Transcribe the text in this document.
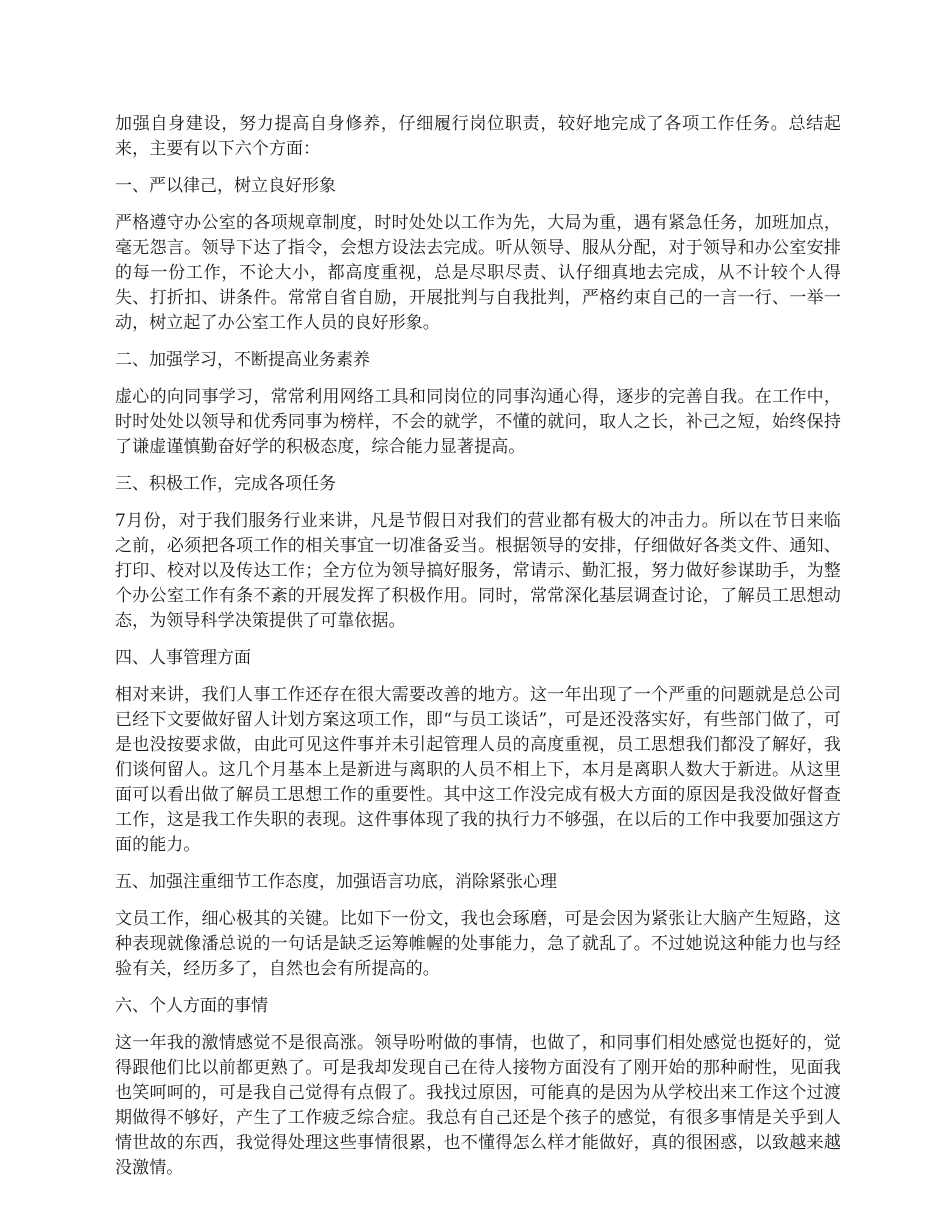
加强自身建设，努力提高自身修养，仔细履行岗位职责，较好地完成了各项工作任务。总结起来，主要有以下六个方面：

一、严以律己，树立良好形象

严格遵守办公室的各项规章制度，时时处处以工作为先，大局为重，遇有紧急任务，加班加点，毫无怨言。领导下达了指令，会想方设法去完成。听从领导、服从分配，对于领导和办公室安排的每一份工作，不论大小，都高度重视，总是尽职尽责、认仔细真地去完成，从不计较个人得失、打折扣、讲条件。常常自省自励，开展批判与自我批判，严格约束自己的一言一行、一举一动，树立起了办公室工作人员的良好形象。

二、加强学习，不断提高业务素养

虚心的向同事学习，常常利用网络工具和同岗位的同事沟通心得，逐步的完善自我。在工作中，时时处处以领导和优秀同事为榜样，不会的就学，不懂的就问，取人之长，补己之短，始终保持了谦虚谨慎勤奋好学的积极态度，综合能力显著提高。

三、积极工作，完成各项任务

7月份，对于我们服务行业来讲，凡是节假日对我们的营业都有极大的冲击力。所以在节日来临之前，必须把各项工作的相关事宜一切准备妥当。根据领导的安排，仔细做好各类文件、通知、打印、校对以及传达工作；全方位为领导搞好服务，常请示、勤汇报，努力做好参谋助手，为整个办公室工作有条不紊的开展发挥了积极作用。同时，常常深化基层调查讨论，了解员工思想动态，为领导科学决策提供了可靠依据。

四、人事管理方面

相对来讲，我们人事工作还存在很大需要改善的地方。这一年出现了一个严重的问题就是总公司已经下文要做好留人计划方案这项工作，即“与员工谈话”，可是还没落实好，有些部门做了，可是也没按要求做，由此可见这件事并未引起管理人员的高度重视，员工思想我们都没了解好，我们谈何留人。这几个月基本上是新进与离职的人员不相上下，本月是离职人数大于新进。从这里面可以看出做了解员工思想工作的重要性。其中这工作没完成有极大方面的原因是我没做好督查工作，这是我工作失职的表现。这件事体现了我的执行力不够强，在以后的工作中我要加强这方面的能力。

五、加强注重细节工作态度，加强语言功底，消除紧张心理

文员工作，细心极其的关键。比如下一份文，我也会琢磨，可是会因为紧张让大脑产生短路，这种表现就像潘总说的一句话是缺乏运筹帷幄的处事能力，急了就乱了。不过她说这种能力也与经验有关，经历多了，自然也会有所提高的。

六、个人方面的事情

这一年我的激情感觉不是很高涨。领导吩咐做的事情，也做了，和同事们相处感觉也挺好的，觉得跟他们比以前都更熟了。可是我却发现自己在待人接物方面没有了刚开始的那种耐性，见面我也笑呵呵的，可是我自己觉得有点假了。我找过原因，可能真的是因为从学校出来工作这个过渡期做得不够好，产生了工作疲乏综合症。我总有自己还是个孩子的感觉，有很多事情是关乎到人情世故的东西，我觉得处理这些事情很累，也不懂得怎么样才能做好，真的很困惑，以致越来越没激情。
